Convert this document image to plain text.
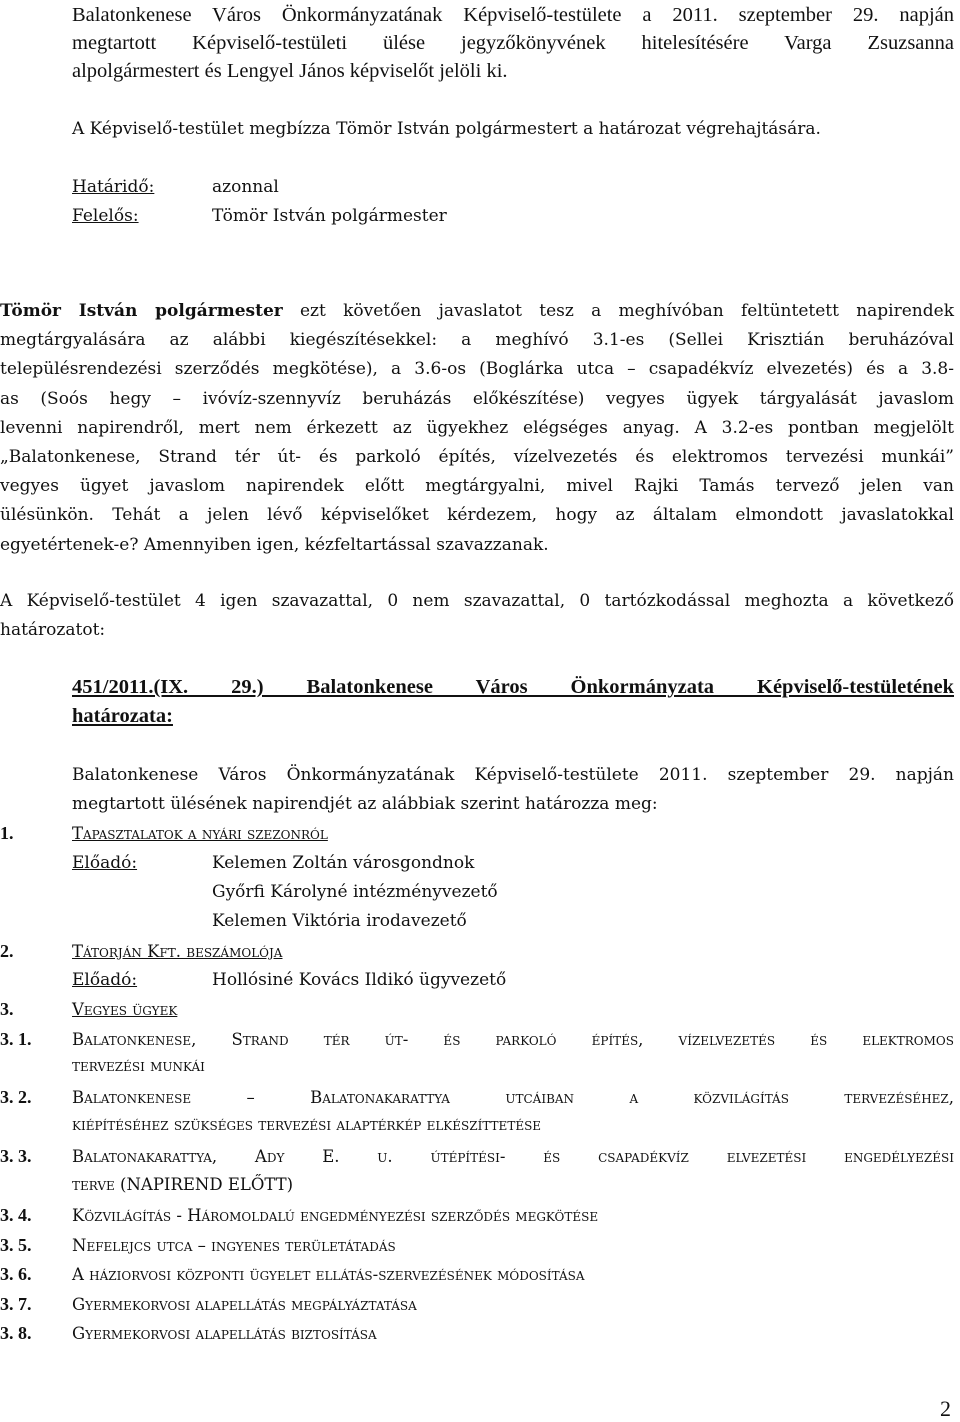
Balatonkenese Város Önkormányzatának Képviselő-testülete a 2011. szeptember 29. napján
megtartott Képviselő-testületi ülése jegyzőkönyvének hitelesítésére Varga Zsuzsanna
alpolgármestert és Lengyel János képviselőt jelöli ki.
A Képviselő-testület megbízza Tömör István polgármestert a határozat végrehajtására.
Határidő:	azonnal
Felelős:	Tömör István polgármester
Tömör István polgármester ezt követően javaslatot tesz a meghívóban feltüntetett napirendek
megtárgyalására az alábbi kiegészítésekkel: a meghívó 3.1-es (Sellei Krisztián beruházóval
településrendezési szerződés megkötése), a 3.6-os (Boglárka utca – csapadékvíz elvezetés) és a 3.8-
as (Soós hegy – ivóvíz-szennyvíz beruházás előkészítése) vegyes ügyek tárgyalását javaslom
levenni napirendről, mert nem érkezett az ügyekhez elégséges anyag. A 3.2-es pontban megjelölt
„Balatonkenese, Strand tér út- és parkoló építés, vízelvezetés és elektromos tervezési munkái”
vegyes ügyet javaslom napirendek előtt megtárgyalni, mivel Rajki Tamás tervező jelen van
ülésünkön. Tehát a jelen lévő képviselőket kérdezem, hogy az általam elmondott javaslatokkal
egyetértenek-e? Amennyiben igen, kézfeltartással szavazzanak.
A Képviselő-testület 4 igen szavazattal, 0 nem szavazattal, 0 tartózkodással meghozta a következő
határozatot:
451/2011.(IX. 29.) Balatonkenese Város Önkormányzata Képviselő-testületének
határozata:
Balatonkenese Város Önkormányzatának Képviselő-testülete 2011. szeptember 29. napján
megtartott ülésének napirendjét az alábbiak szerint határozza meg:
1.	Tapasztalatok a nyári szezonról
Előadó:	Kelemen Zoltán városgondnok
Győrfi Károlyné intézményvezető
Kelemen Viktória irodavezető
2.	Tátorján Kft. beszámolója
Előadó:	Hollósiné Kovács Ildikó ügyvezető
3.	Vegyes ügyek
3. 1. Balatonkenese, Strand tér út- és parkoló építés, vízelvezetés és elektromos
tervezési munkái
3. 2. Balatonkenese – Balatonakarattya utcáiban a közvilágítás tervezéséhez,
kiépítéséhez szükséges tervezési alaptérkép elkészíttetése
3. 3. Balatonakarattya, Ady E. u. útépítési- és csapadékvíz elvezetési engedélyezési
terve (NAPIREND ELŐTT)
3. 4. Közvilágítás - Háromoldalú engedményezési szerződés megkötése
3. 5. Nefelejcs utca – ingyenes területátadás
3. 6. A háziorvosi központi ügyelet ellátás-szervezésének módosítása
3. 7. Gyermekorvosi alapellátás megpályáztatása
3. 8. Gyermekorvosi alapellátás biztosítása
2
